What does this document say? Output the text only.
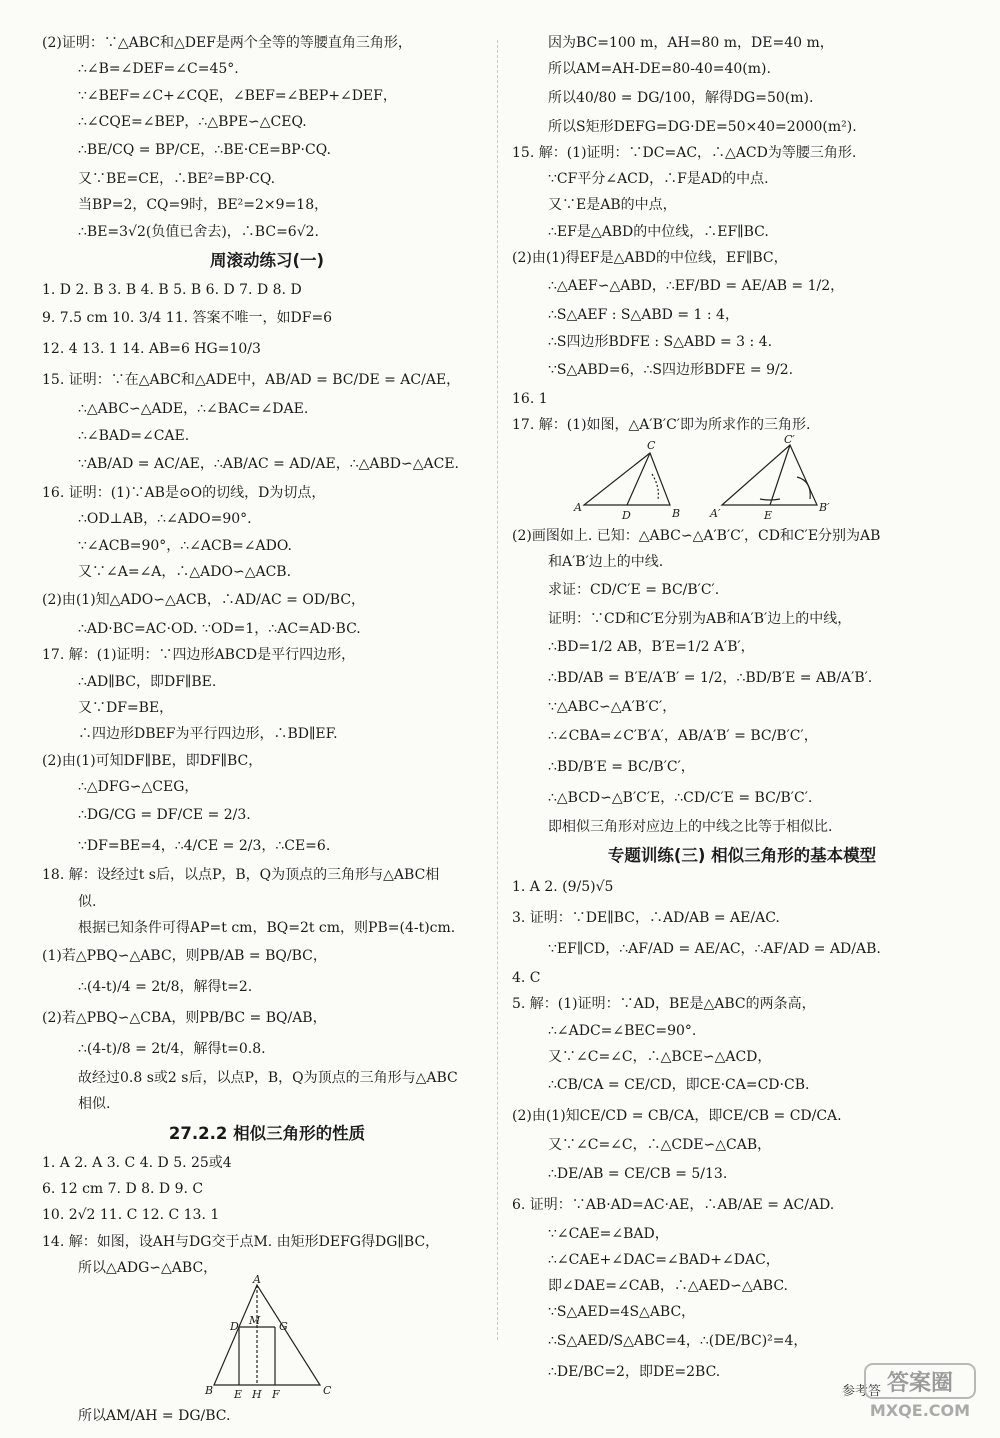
(2)证明：∵△ABC和△DEF是两个全等的等腰直角三角形，
∴∠B=∠DEF=∠C=45°.
∵∠BEF=∠C+∠CQE，∠BEF=∠BEP+∠DEF，
∴∠CQE=∠BEP，∴△BPE∽△CEQ.
∴BE/CQ = BP/CE，∴BE·CE=BP·CQ.
又∵BE=CE，∴BE²=BP·CQ.
当BP=2，CQ=9时，BE²=2×9=18，
∴BE=3√2(负值已舍去)，∴BC=6√2.
周滚动练习(一)
1. D 2. B 3. B 4. B 5. B 6. D 7. D 8. D
9. 7.5 cm 10. 3/4 11. 答案不唯一，如DF=6
12. 4 13. 1 14. AB=6 HG=10/3
15. 证明：∵在△ABC和△ADE中，AB/AD = BC/DE = AC/AE，
∴△ABC∽△ADE，∴∠BAC=∠DAE.
∴∠BAD=∠CAE.
∵AB/AD = AC/AE，∴AB/AC = AD/AE，∴△ABD∽△ACE.
16. 证明：(1)∵AB是⊙O的切线，D为切点，
∴OD⊥AB，∴∠ADO=90°.
∵∠ACB=90°，∴∠ACB=∠ADO.
又∵∠A=∠A，∴△ADO∽△ACB.
(2)由(1)知△ADO∽△ACB，∴AD/AC = OD/BC，
∴AD·BC=AC·OD. ∵OD=1，∴AC=AD·BC.
17. 解：(1)证明：∵四边形ABCD是平行四边形，
∴AD∥BC，即DF∥BE.
又∵DF=BE，
∴四边形DBEF为平行四边形，∴BD∥EF.
(2)由(1)可知DF∥BE，即DF∥BC，
∴△DFG∽△CEG，
∴DG/CG = DF/CE = 2/3.
∵DF=BE=4，∴4/CE = 2/3，∴CE=6.
18. 解：设经过t s后，以点P，B，Q为顶点的三角形与△ABC相
似.
根据已知条件可得AP=t cm，BQ=2t cm，则PB=(4-t)cm.
(1)若△PBQ∽△ABC，则PB/AB = BQ/BC，
∴(4-t)/4 = 2t/8，解得t=2.
(2)若△PBQ∽△CBA，则PB/BC = BQ/AB，
∴(4-t)/8 = 2t/4，解得t=0.8.
故经过0.8 s或2 s后，以点P，B，Q为顶点的三角形与△ABC
相似.
27.2.2 相似三角形的性质
1. A 2. A 3. C 4. D 5. 25或4
6. 12 cm 7. D 8. D 9. C
10. 2√2 11. C 12. C 13. 1
14. 解：如图，设AH与DG交于点M. 由矩形DEFG得DG∥BC，
所以△ADG∽△ABC，
A
D M G
B E H F	C
所以AM/AH = DG/BC.
因为BC=100 m，AH=80 m，DE=40 m，
所以AM=AH-DE=80-40=40(m).
所以40/80 = DG/100，解得DG=50(m).
所以S矩形DEFG=DG·DE=50×40=2000(m²).
15. 解：(1)证明：∵DC=AC，∴△ACD为等腰三角形.
∵CF平分∠ACD，∴F是AD的中点.
又∵E是AB的中点，
∴EF是△ABD的中位线，∴EF∥BC.
(2)由(1)得EF是△ABD的中位线，EF∥BC，
∴△AEF∽△ABD，∴EF/BD = AE/AB = 1/2，
∴S△AEF : S△ABD = 1 : 4，
∴S四边形BDFE : S△ABD = 3 : 4.
∵S△ABD=6，∴S四边形BDFE = 9/2.
16. 1
17. 解：(1)如图，△A′B′C′即为所求作的三角形.
C
A
D	B
C′
A′	E
B′
(2)画图如上. 已知：△ABC∽△A′B′C′，CD和C′E分别为AB
和A′B′边上的中线.
求证：CD/C′E = BC/B′C′.
证明：∵CD和C′E分别为AB和A′B′边上的中线，
∴BD=1/2 AB，B′E=1/2 A′B′，
∴BD/AB = B′E/A′B′ = 1/2，∴BD/B′E = AB/A′B′.
∵△ABC∽△A′B′C′，
∴∠CBA=∠C′B′A′，AB/A′B′ = BC/B′C′，
∴BD/B′E = BC/B′C′，
∴△BCD∽△B′C′E，∴CD/C′E = BC/B′C′.
即相似三角形对应边上的中线之比等于相似比.
专题训练(三) 相似三角形的基本模型
1. A 2. (9/5)√5
3. 证明：∵DE∥BC，∴AD/AB = AE/AC.
∵EF∥CD，∴AF/AD = AE/AC，∴AF/AD = AD/AB.
4. C
5. 解：(1)证明：∵AD，BE是△ABC的两条高，
∴∠ADC=∠BEC=90°.
又∵∠C=∠C，∴△BCE∽△ACD，
∴CB/CA = CE/CD，即CE·CA=CD·CB.
(2)由(1)知CE/CD = CB/CA，即CE/CB = CD/CA.
又∵∠C=∠C，∴△CDE∽△CAB，
∴DE/AB = CE/CB = 5/13.
6. 证明：∵AB·AD=AC·AE，∴AB/AE = AC/AD.
∵∠CAE=∠BAD，
∴∠CAE+∠DAC=∠BAD+∠DAC，
即∠DAE=∠CAB，∴△AED∽△ABC.
∵S△AED=4S△ABC，
∴S△AED/S△ABC=4，∴(DE/BC)²=4，
∴DE/BC=2，即DE=2BC.
参考答 答案圈
MXQE.COM
